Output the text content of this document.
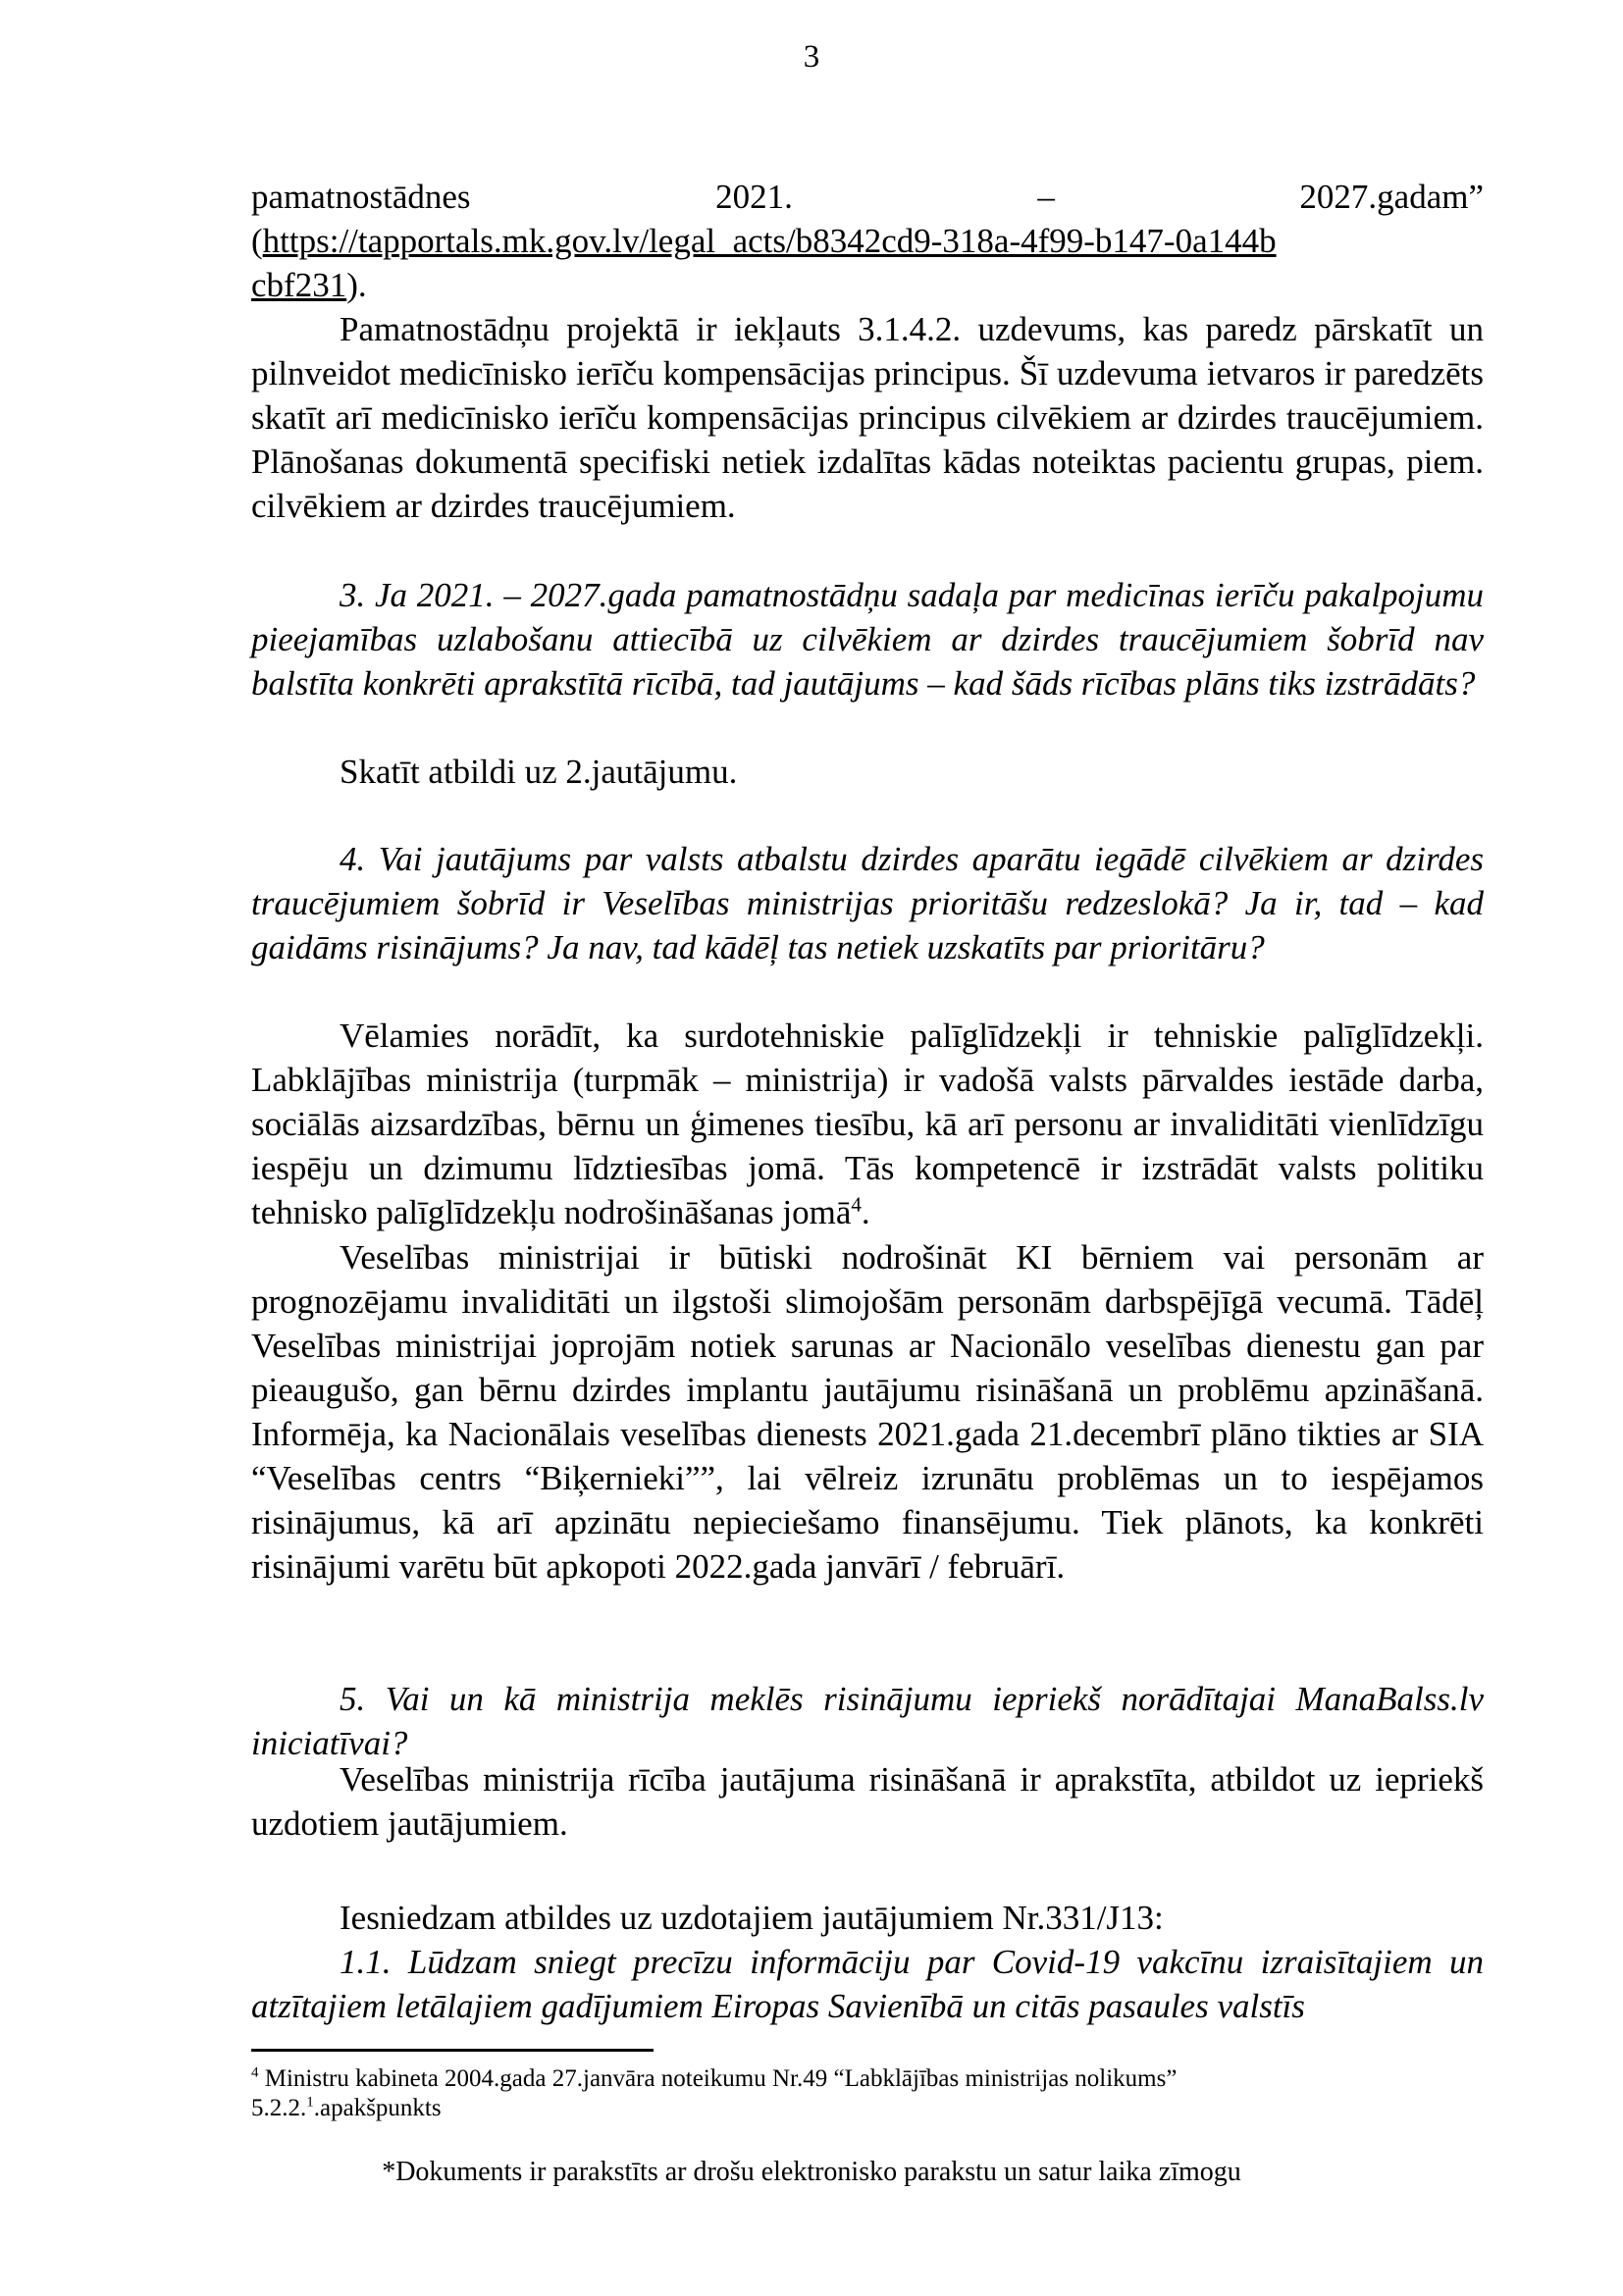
3
pamatnostādnes	2021.	–	2027.gadam”
(https://tapportals.mk.gov.lv/legal_acts/b8342cd9-318a-4f99-b147-0a144bcbf231).
Pamatnostādņu projektā ir iekļauts 3.1.4.2. uzdevums, kas paredz pārskatīt un pilnveidot medicīnisko ierīču kompensācijas principus. Šī uzdevuma ietvaros ir paredzēts skatīt arī medicīnisko ierīču kompensācijas principus cilvēkiem ar dzirdes traucējumiem. Plānošanas dokumentā specifiski netiek izdalītas kādas noteiktas pacientu grupas, piem. cilvēkiem ar dzirdes traucējumiem.
3. Ja 2021. – 2027.gada pamatnostādņu sadaļa par medicīnas ierīču pakalpojumu pieejamības uzlabošanu attiecībā uz cilvēkiem ar dzirdes traucējumiem šobrīd nav balstīta konkrēti aprakstītā rīcībā, tad jautājums – kad šāds rīcības plāns tiks izstrādāts?
Skatīt atbildi uz 2.jautājumu.
4. Vai jautājums par valsts atbalstu dzirdes aparātu iegādē cilvēkiem ar dzirdes traucējumiem šobrīd ir Veselības ministrijas prioritāšu redzeslokā? Ja ir, tad – kad gaidāms risinājums? Ja nav, tad kādēļ tas netiek uzskatīts par prioritāru?
Vēlamies norādīt, ka surdotehniskie palīglīdzekļi ir tehniskie palīglīdzekļi. Labklājības ministrija (turpmāk – ministrija) ir vadošā valsts pārvaldes iestāde darba, sociālās aizsardzības, bērnu un ģimenes tiesību, kā arī personu ar invaliditāti vienlīdzīgu iespēju un dzimumu līdztiesības jomā. Tās kompetencē ir izstrādāt valsts politiku tehnisko palīglīdzekļu nodrošināšanas jomā$^4$.
Veselības ministrijai ir būtiski nodrošināt KI bērniem vai personām ar prognozējamu invaliditāti un ilgstoši slimojošām personām darbspējīgā vecumā. Tādēļ Veselības ministrijai joprojām notiek sarunas ar Nacionālo veselības dienestu gan par pieaugušo, gan bērnu dzirdes implantu jautājumu risināšanā un problēmu apzināšanā. Informēja, ka Nacionālais veselības dienests 2021.gada 21.decembrī plāno tikties ar SIA “Veselības centrs “Biķernieki””, lai vēlreiz izrunātu problēmas un to iespējamos risinājumus, kā arī apzinātu nepieciešamo finansējumu. Tiek plānots, ka konkrēti risinājumi varētu būt apkopoti 2022.gada janvārī / februārī.
5. Vai un kā ministrija meklēs risinājumu iepriekš norādītajai ManaBalss.lv iniciatīvai?
Veselības ministrija rīcība jautājuma risināšanā ir aprakstīta, atbildot uz iepriekš uzdotiem jautājumiem.
Iesniedzam atbildes uz uzdotajiem jautājumiem Nr.331/J13:
1.1. Lūdzam sniegt precīzu informāciju par Covid-19 vakcīnu izraisītajiem un atzītajiem letālajiem gadījumiem Eiropas Savienībā un citās pasaules valstīs
$^4$ Ministru kabineta 2004.gada 27.janvāra noteikumu Nr.49 “Labklājības ministrijas nolikums”
5.2.2.$^1$.apakšpunkts
*Dokuments ir parakstīts ar drošu elektronisko parakstu un satur laika zīmogu
